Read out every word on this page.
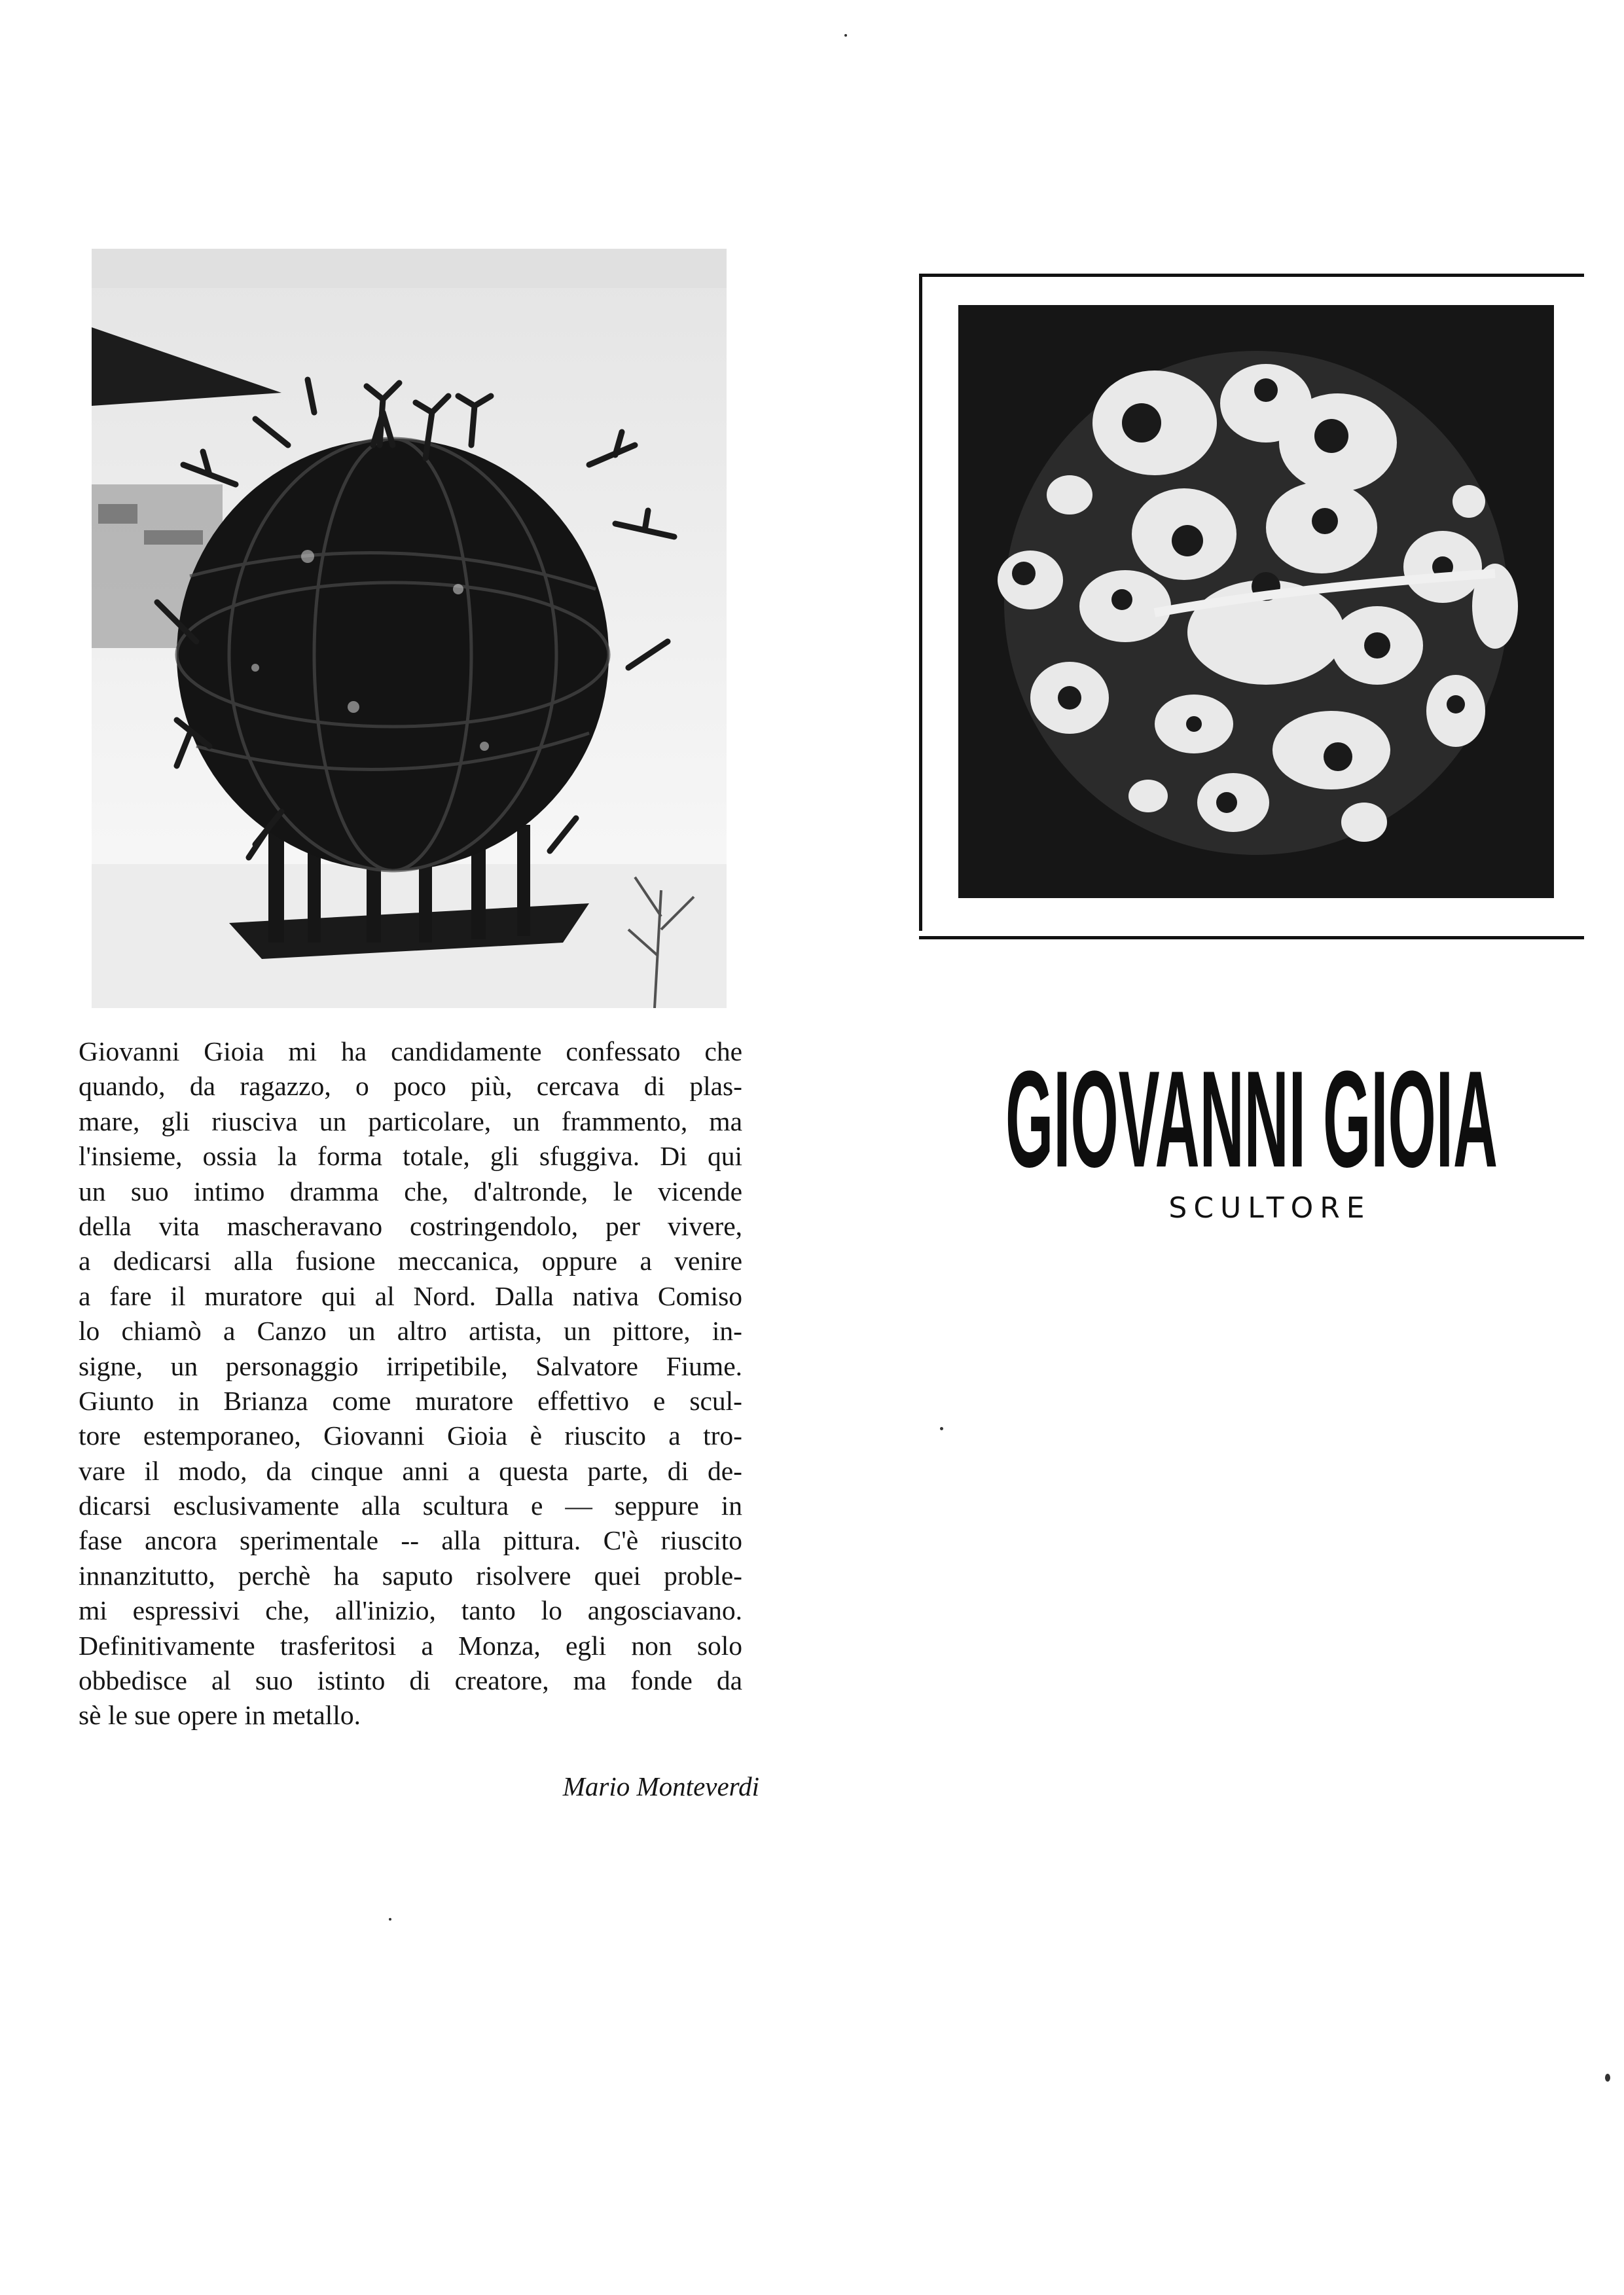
Giovanni Gioia mi ha candidamente confessato che
quando, da ragazzo, o poco più, cercava di plas-
mare, gli riusciva un particolare, un frammento, ma
l'insieme, ossia la forma totale, gli sfuggiva. Di qui
un suo intimo dramma che, d'altronde, le vicende
della vita mascheravano costringendolo, per vivere,
a dedicarsi alla fusione meccanica, oppure a venire
a fare il muratore qui al Nord. Dalla nativa Comiso
lo chiamò a Canzo un altro artista, un pittore, in-
signe, un personaggio irripetibile, Salvatore Fiume.
Giunto in Brianza come muratore effettivo e scul-
tore estemporaneo, Giovanni Gioia è riuscito a tro-
vare il modo, da cinque anni a questa parte, di de-
dicarsi esclusivamente alla scultura e — seppure in
fase ancora sperimentale -- alla pittura. C'è riuscito
innanzitutto, perchè ha saputo risolvere quei proble-
mi espressivi che, all'inizio, tanto lo angosciavano.
Definitivamente trasferitosi a Monza, egli non solo
obbedisce al suo istinto di creatore, ma fonde da
sè le sue opere in metallo.
Mario Monteverdi
GIOVANNI GIOIA
SCULTORE
